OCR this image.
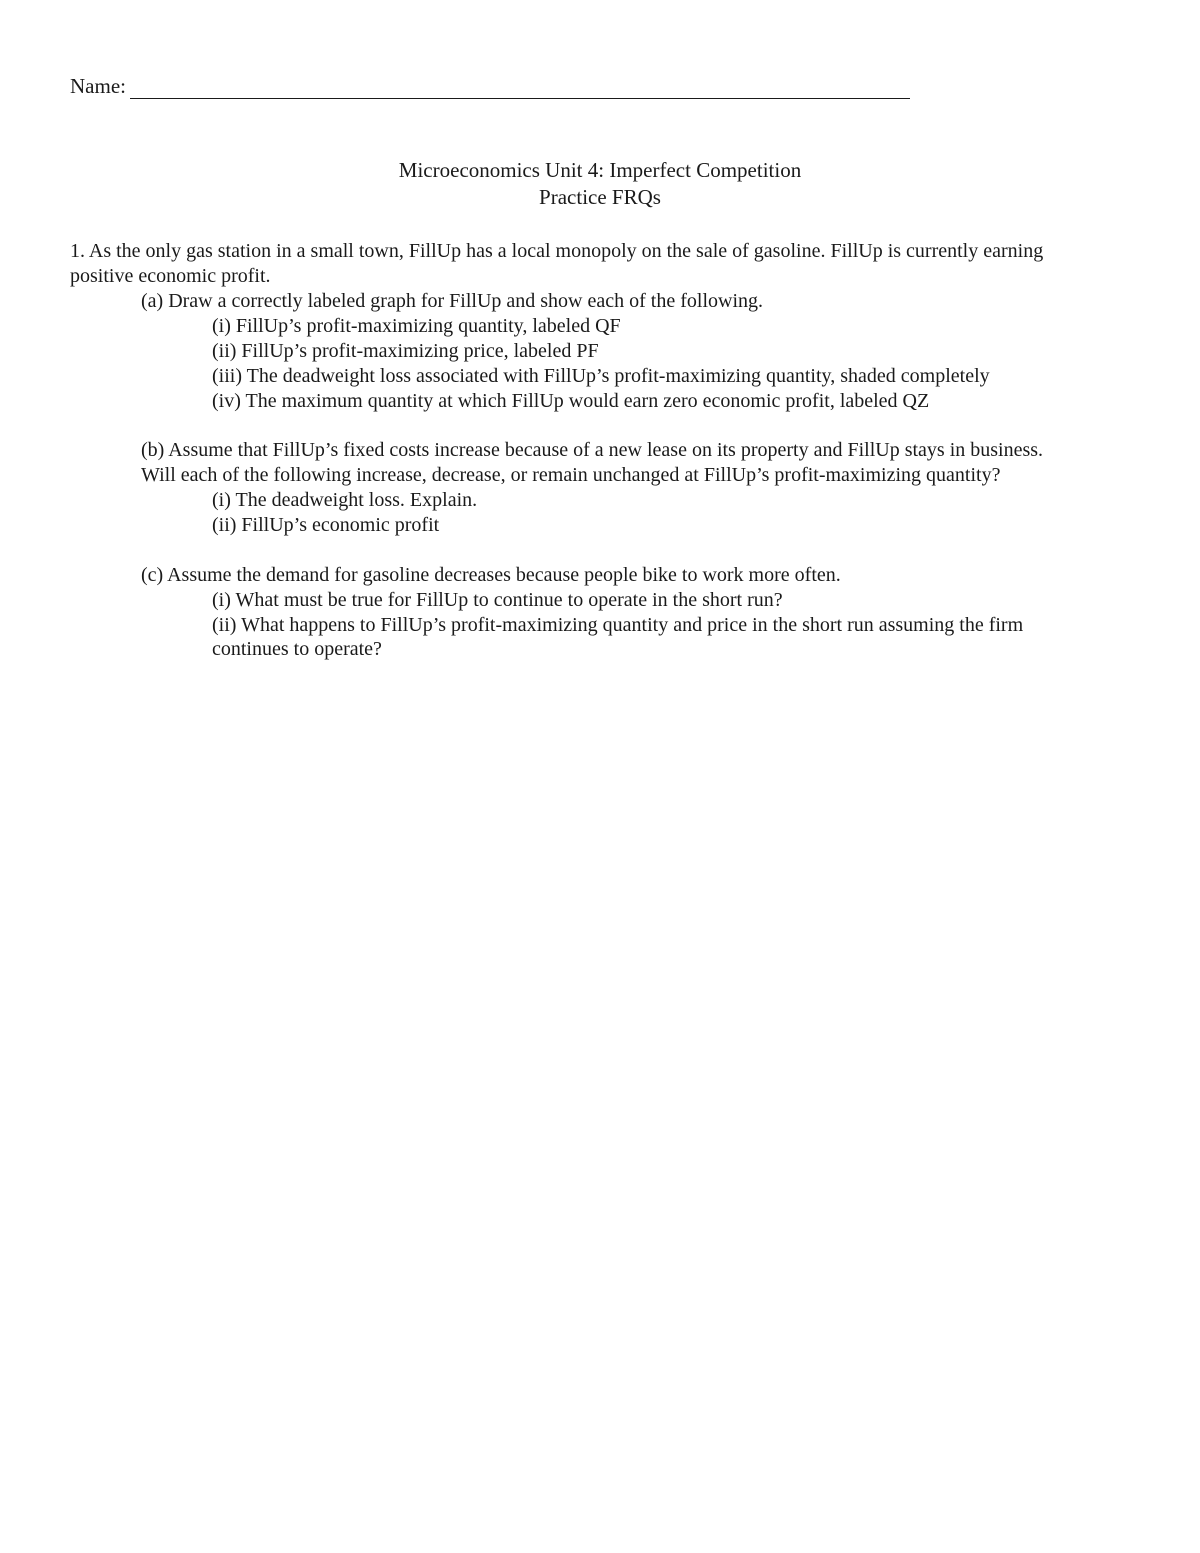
Name:
Microeconomics Unit 4: Imperfect Competition
Practice FRQs
1. As the only gas station in a small town, FillUp has a local monopoly on the sale of gasoline. FillUp is currently earning
positive economic profit.
(a) Draw a correctly labeled graph for FillUp and show each of the following.
(i) FillUp’s profit-maximizing quantity, labeled QF
(ii) FillUp’s profit-maximizing price, labeled PF
(iii) The deadweight loss associated with FillUp’s profit-maximizing quantity, shaded completely
(iv) The maximum quantity at which FillUp would earn zero economic profit, labeled QZ
(b) Assume that FillUp’s fixed costs increase because of a new lease on its property and FillUp stays in business.
Will each of the following increase, decrease, or remain unchanged at FillUp’s profit-maximizing quantity?
(i) The deadweight loss. Explain.
(ii) FillUp’s economic profit
(c) Assume the demand for gasoline decreases because people bike to work more often.
(i) What must be true for FillUp to continue to operate in the short run?
(ii) What happens to FillUp’s profit-maximizing quantity and price in the short run assuming the firm
continues to operate?
